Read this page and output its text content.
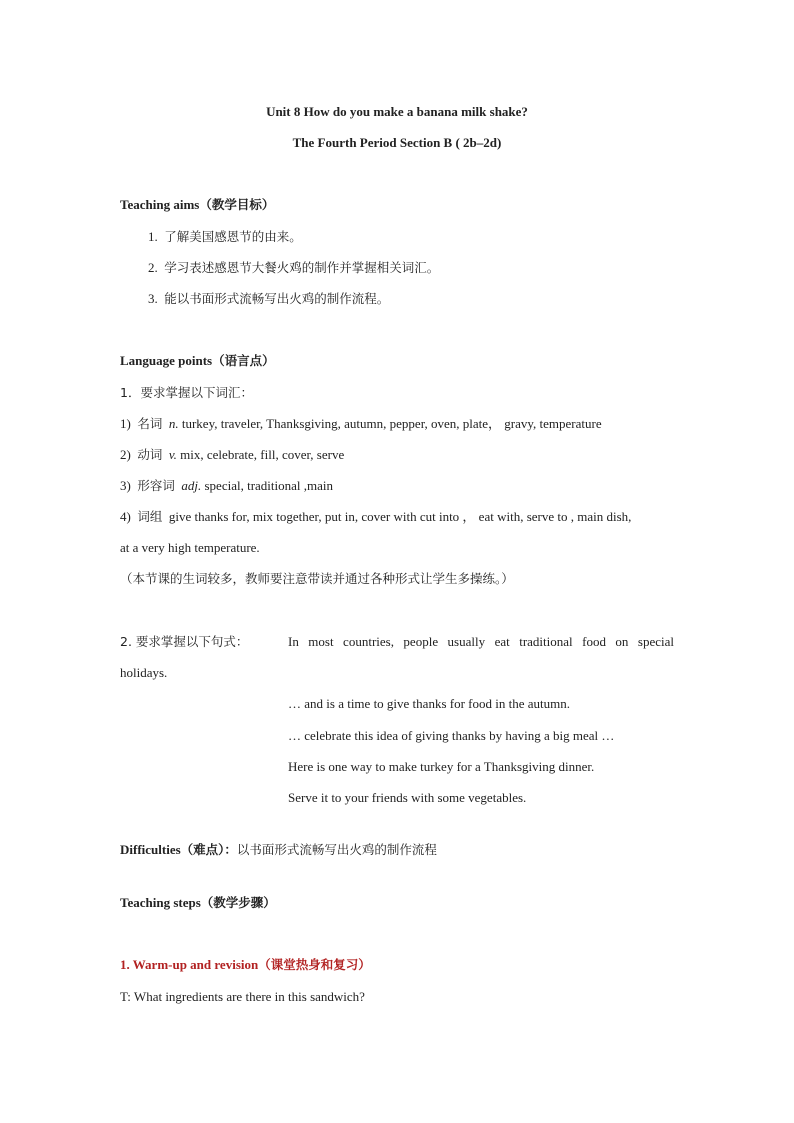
Unit 8 How do you make a banana milk shake?
The Fourth Period Section B ( 2b–2d)
Teaching aims（教学目标）
1. 了解美国感恩节的由来。
2. 学习表述感恩节大餐火鸡的制作并掌握相关词汇。
3. 能以书面形式流畅写出火鸡的制作流程。
Language points（语言点）
1．要求掌握以下词汇：
1) 名词 n. turkey, traveler, Thanksgiving, autumn, pepper, oven, plate， gravy, temperature
2) 动词 v. mix, celebrate, fill, cover, serve
3) 形容词 adj. special, traditional ,main
4) 词组 give thanks for, mix together, put in, cover with cut into ， eat with, serve to , main dish,
at a very high temperature.
（本节课的生词较多，教师要注意带读并通过各种形式让学生多操练。）
2. 要求掌握以下句式：	In most countries, people usually eat traditional food on special
holidays.
… and is a time to give thanks for food in the autumn.
… celebrate this idea of giving thanks by having a big meal …
Here is one way to make turkey for a Thanksgiving dinner.
Serve it to your friends with some vegetables.
Difficulties（难点）：以书面形式流畅写出火鸡的制作流程
Teaching steps（教学步骤）
1. Warm-up and revision（课堂热身和复习）
T: What ingredients are there in this sandwich?
